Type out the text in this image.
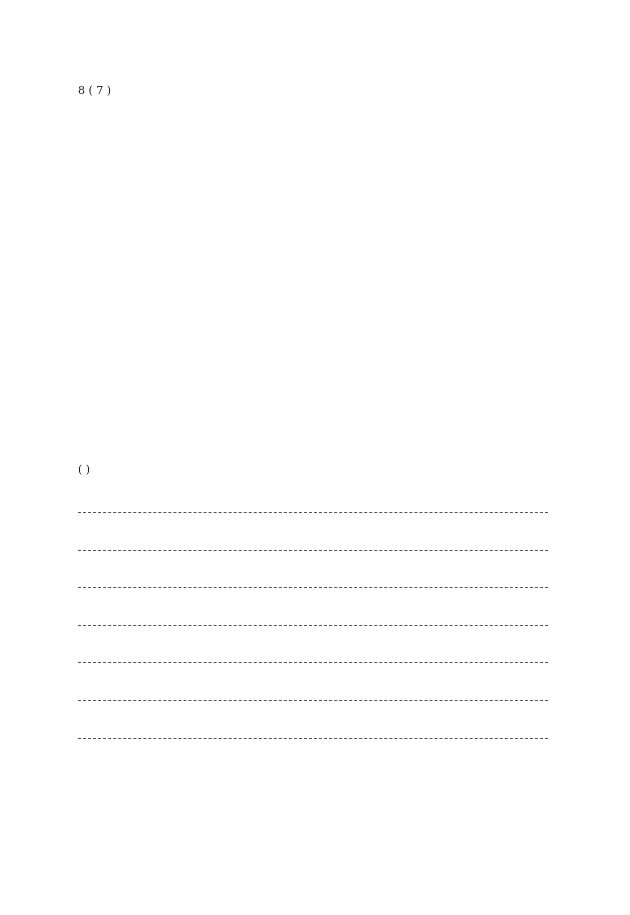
8 ( 7 )
( )
